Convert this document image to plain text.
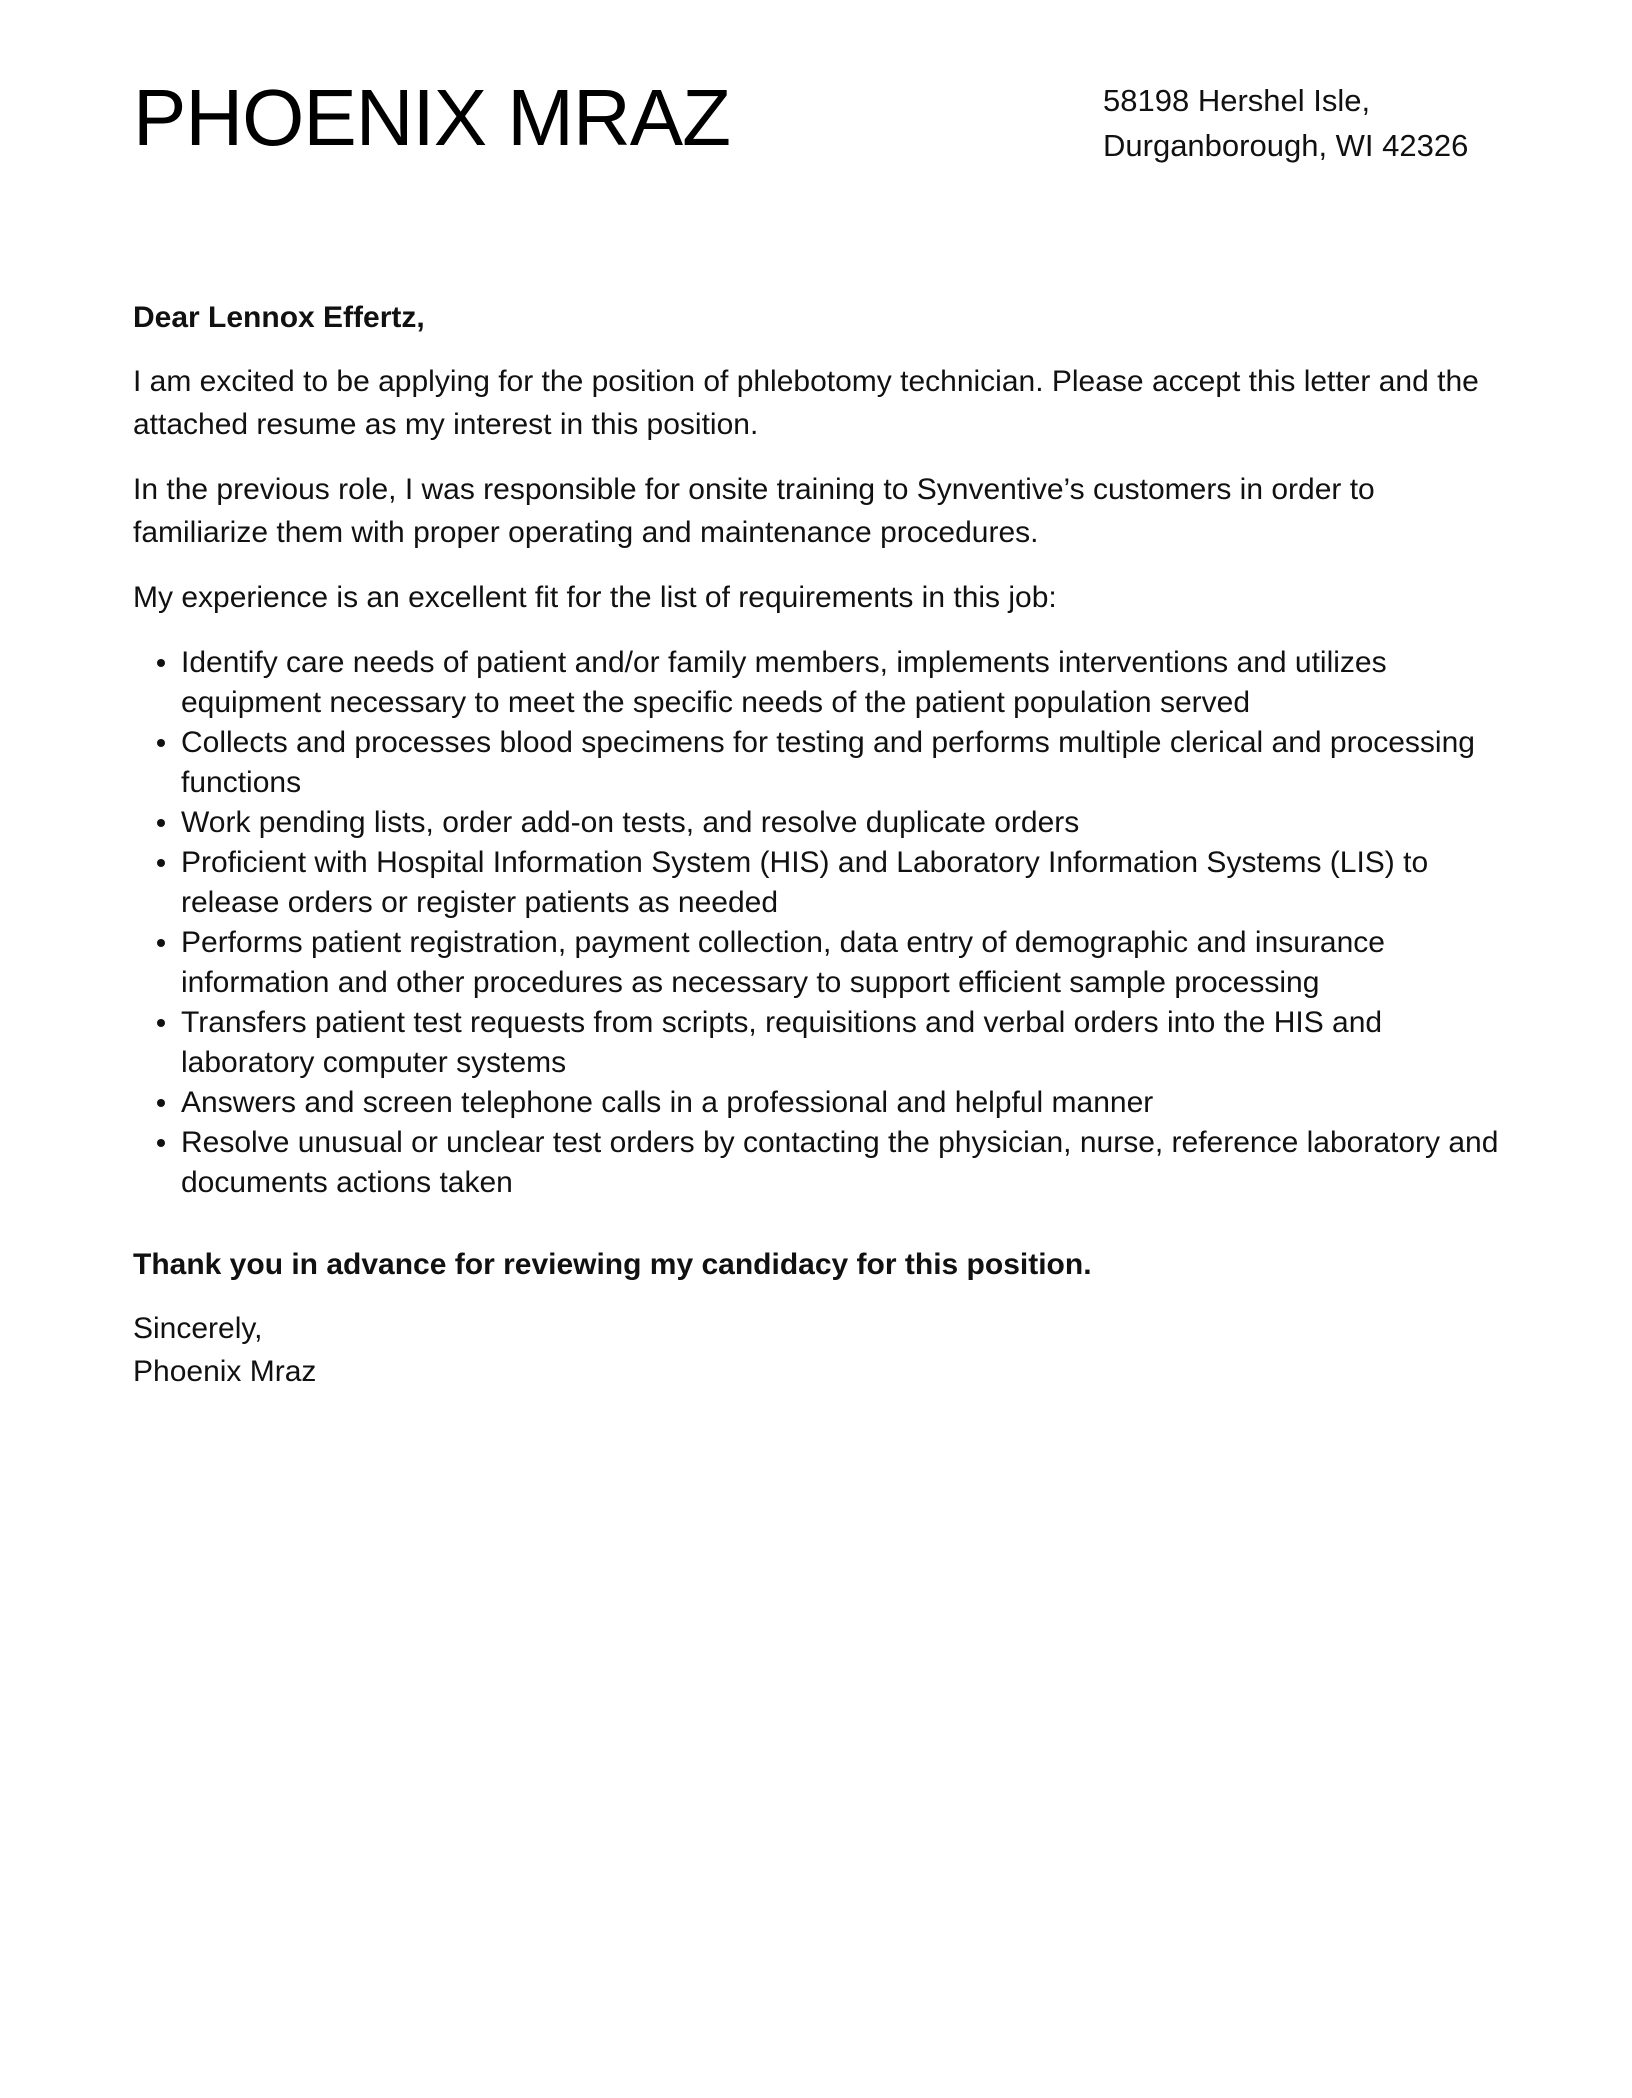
PHOENIX MRAZ	58198 Hershel Isle,
Durganborough, WI 42326

Dear Lennox Effertz,

I am excited to be applying for the position of phlebotomy technician. Please accept this letter and the attached resume as my interest in this position.

In the previous role, I was responsible for onsite training to Synventive’s customers in order to familiarize them with proper operating and maintenance procedures.

My experience is an excellent fit for the list of requirements in this job:

Identify care needs of patient and/or family members, implements interventions and utilizes equipment necessary to meet the specific needs of the patient population served
Collects and processes blood specimens for testing and performs multiple clerical and processing functions
Work pending lists, order add-on tests, and resolve duplicate orders
Proficient with Hospital Information System (HIS) and Laboratory Information Systems (LIS) to release orders or register patients as needed
Performs patient registration, payment collection, data entry of demographic and insurance information and other procedures as necessary to support efficient sample processing
Transfers patient test requests from scripts, requisitions and verbal orders into the HIS and laboratory computer systems
Answers and screen telephone calls in a professional and helpful manner
Resolve unusual or unclear test orders by contacting the physician, nurse, reference laboratory and documents actions taken

Thank you in advance for reviewing my candidacy for this position.

Sincerely,

Phoenix Mraz
